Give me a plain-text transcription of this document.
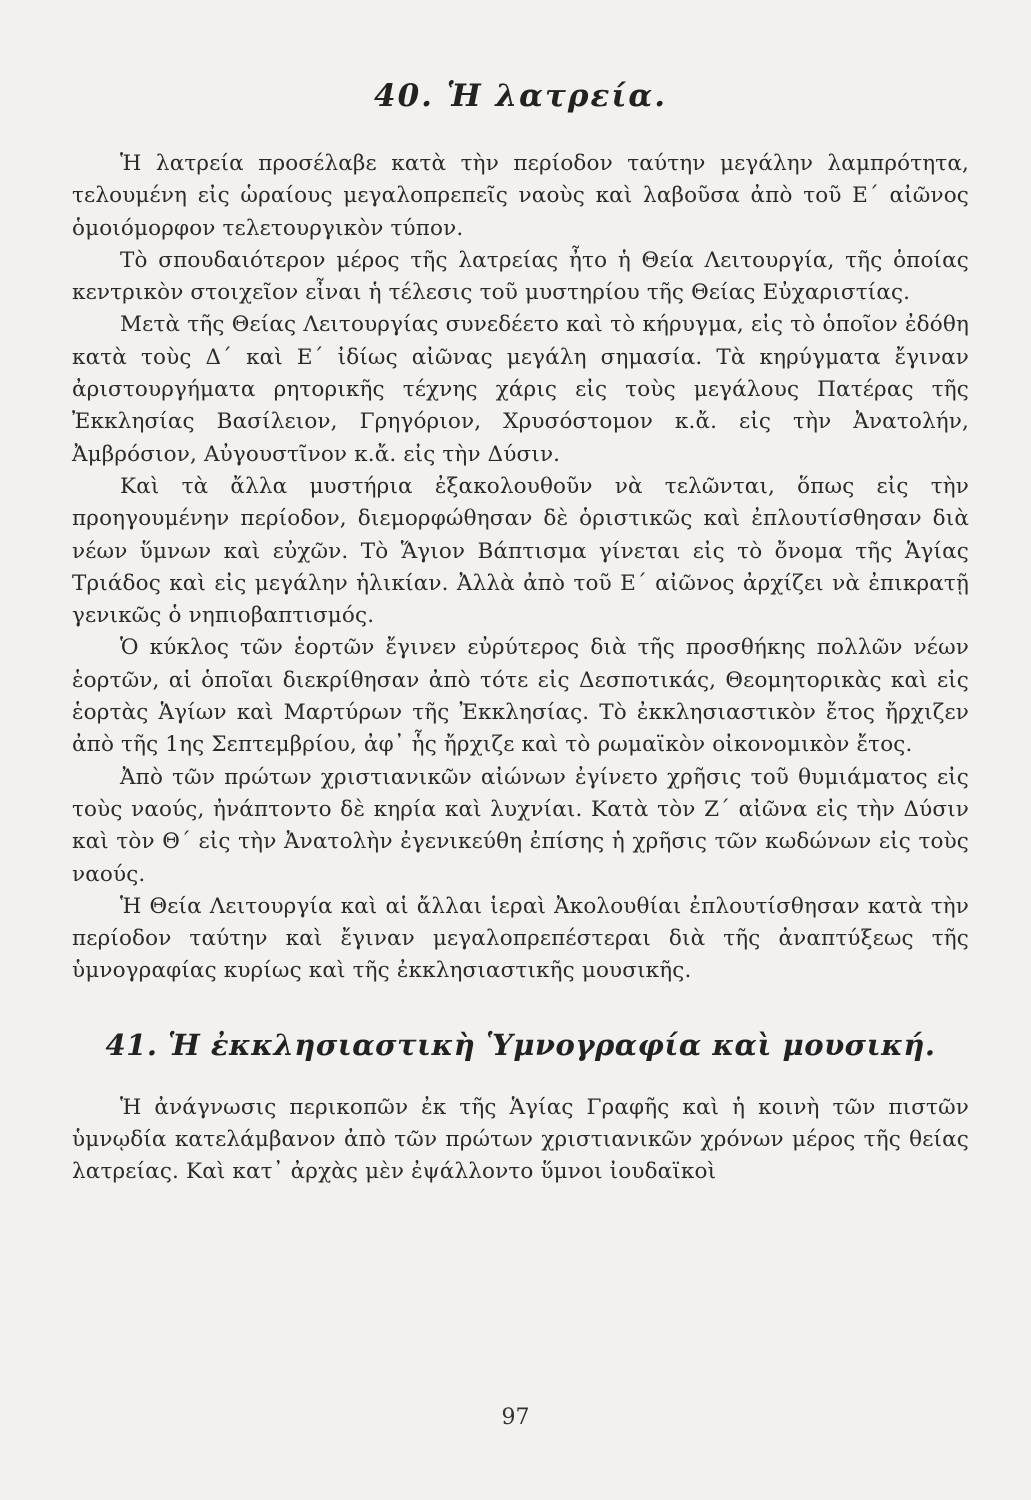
40. Ἡ λατρεία.

Ἡ λατρεία προσέλαβε κατὰ τὴν περίοδον ταύτην μεγάλην λαμπρότητα, τελουμένη εἰς ὡραίους μεγαλοπρεπεῖς ναοὺς καὶ λαβοῦσα ἀπὸ τοῦ Ε΄ αἰῶνος ὁμοιόμορφον τελετουργικὸν τύπον.

Τὸ σπουδαιότερον μέρος τῆς λατρείας ἦτο ἡ Θεία Λειτουργία, τῆς ὁποίας κεντρικὸν στοιχεῖον εἶναι ἡ τέλεσις τοῦ μυστηρίου τῆς Θείας Εὐχαριστίας.

Μετὰ τῆς Θείας Λειτουργίας συνεδέετο καὶ τὸ κήρυγμα, εἰς τὸ ὁποῖον ἐδόθη κατὰ τοὺς Δ΄ καὶ Ε΄ ἰδίως αἰῶνας μεγάλη σημασία. Τὰ κηρύγματα ἔγιναν ἀριστουργήματα ρητορικῆς τέχνης χάρις εἰς τοὺς μεγάλους Πατέρας τῆς Ἐκκλησίας Βασίλειον, Γρηγόριον, Χρυσόστομον κ.ἄ. εἰς τὴν Ἀνατολήν, Ἀμβρόσιον, Αὐγουστῖνον κ.ἄ. εἰς τὴν Δύσιν.

Καὶ τὰ ἄλλα μυστήρια ἐξακολουθοῦν νὰ τελῶνται, ὅπως εἰς τὴν προηγουμένην περίοδον, διεμορφώθησαν δὲ ὁριστικῶς καὶ ἐπλουτίσθησαν διὰ νέων ὕμνων καὶ εὐχῶν. Τὸ Ἅγιον Βάπτισμα γίνεται εἰς τὸ ὄνομα τῆς Ἁγίας Τριάδος καὶ εἰς μεγάλην ἡλικίαν. Ἀλλὰ ἀπὸ τοῦ Ε΄ αἰῶνος ἀρχίζει νὰ ἐπικρατῇ γενικῶς ὁ νηπιοβαπτισμός.

Ὁ κύκλος τῶν ἑορτῶν ἔγινεν εὐρύτερος διὰ τῆς προσθήκης πολλῶν νέων ἑορτῶν, αἱ ὁποῖαι διεκρίθησαν ἀπὸ τότε εἰς Δεσποτικάς, Θεομητορικὰς καὶ εἰς ἑορτὰς Ἁγίων καὶ Μαρτύρων τῆς Ἐκκλησίας. Τὸ ἐκκλησιαστικὸν ἔτος ἤρχιζεν ἀπὸ τῆς 1ης Σεπτεμβρίου, ἀφ᾽ ἧς ἤρχιζε καὶ τὸ ρωμαϊκὸν οἰκονομικὸν ἔτος.

Ἀπὸ τῶν πρώτων χριστιανικῶν αἰώνων ἐγίνετο χρῆσις τοῦ θυμιάματος εἰς τοὺς ναούς, ἠνάπτοντο δὲ κηρία καὶ λυχνίαι. Κατὰ τὸν Ζ΄ αἰῶνα εἰς τὴν Δύσιν καὶ τὸν Θ΄ εἰς τὴν Ἀνατολὴν ἐγενικεύθη ἐπίσης ἡ χρῆσις τῶν κωδώνων εἰς τοὺς ναούς.

Ἡ Θεία Λειτουργία καὶ αἱ ἄλλαι ἱεραὶ Ἀκολουθίαι ἐπλουτίσθησαν κατὰ τὴν περίοδον ταύτην καὶ ἔγιναν μεγαλοπρεπέστεραι διὰ τῆς ἀναπτύξεως τῆς ὑμνογραφίας κυρίως καὶ τῆς ἐκκλησιαστικῆς μουσικῆς.

41. Ἡ ἐκκλησιαστικὴ Ὑμνογραφία καὶ μουσική.

Ἡ ἀνάγνωσις περικοπῶν ἐκ τῆς Ἁγίας Γραφῆς καὶ ἡ κοινὴ τῶν πιστῶν ὑμνῳδία κατελάμβανον ἀπὸ τῶν πρώτων χριστιανικῶν χρόνων μέρος τῆς θείας λατρείας. Καὶ κατ᾽ ἀρχὰς μὲν ἐψάλλοντο ὕμνοι ἰουδαϊκοὶ

97
